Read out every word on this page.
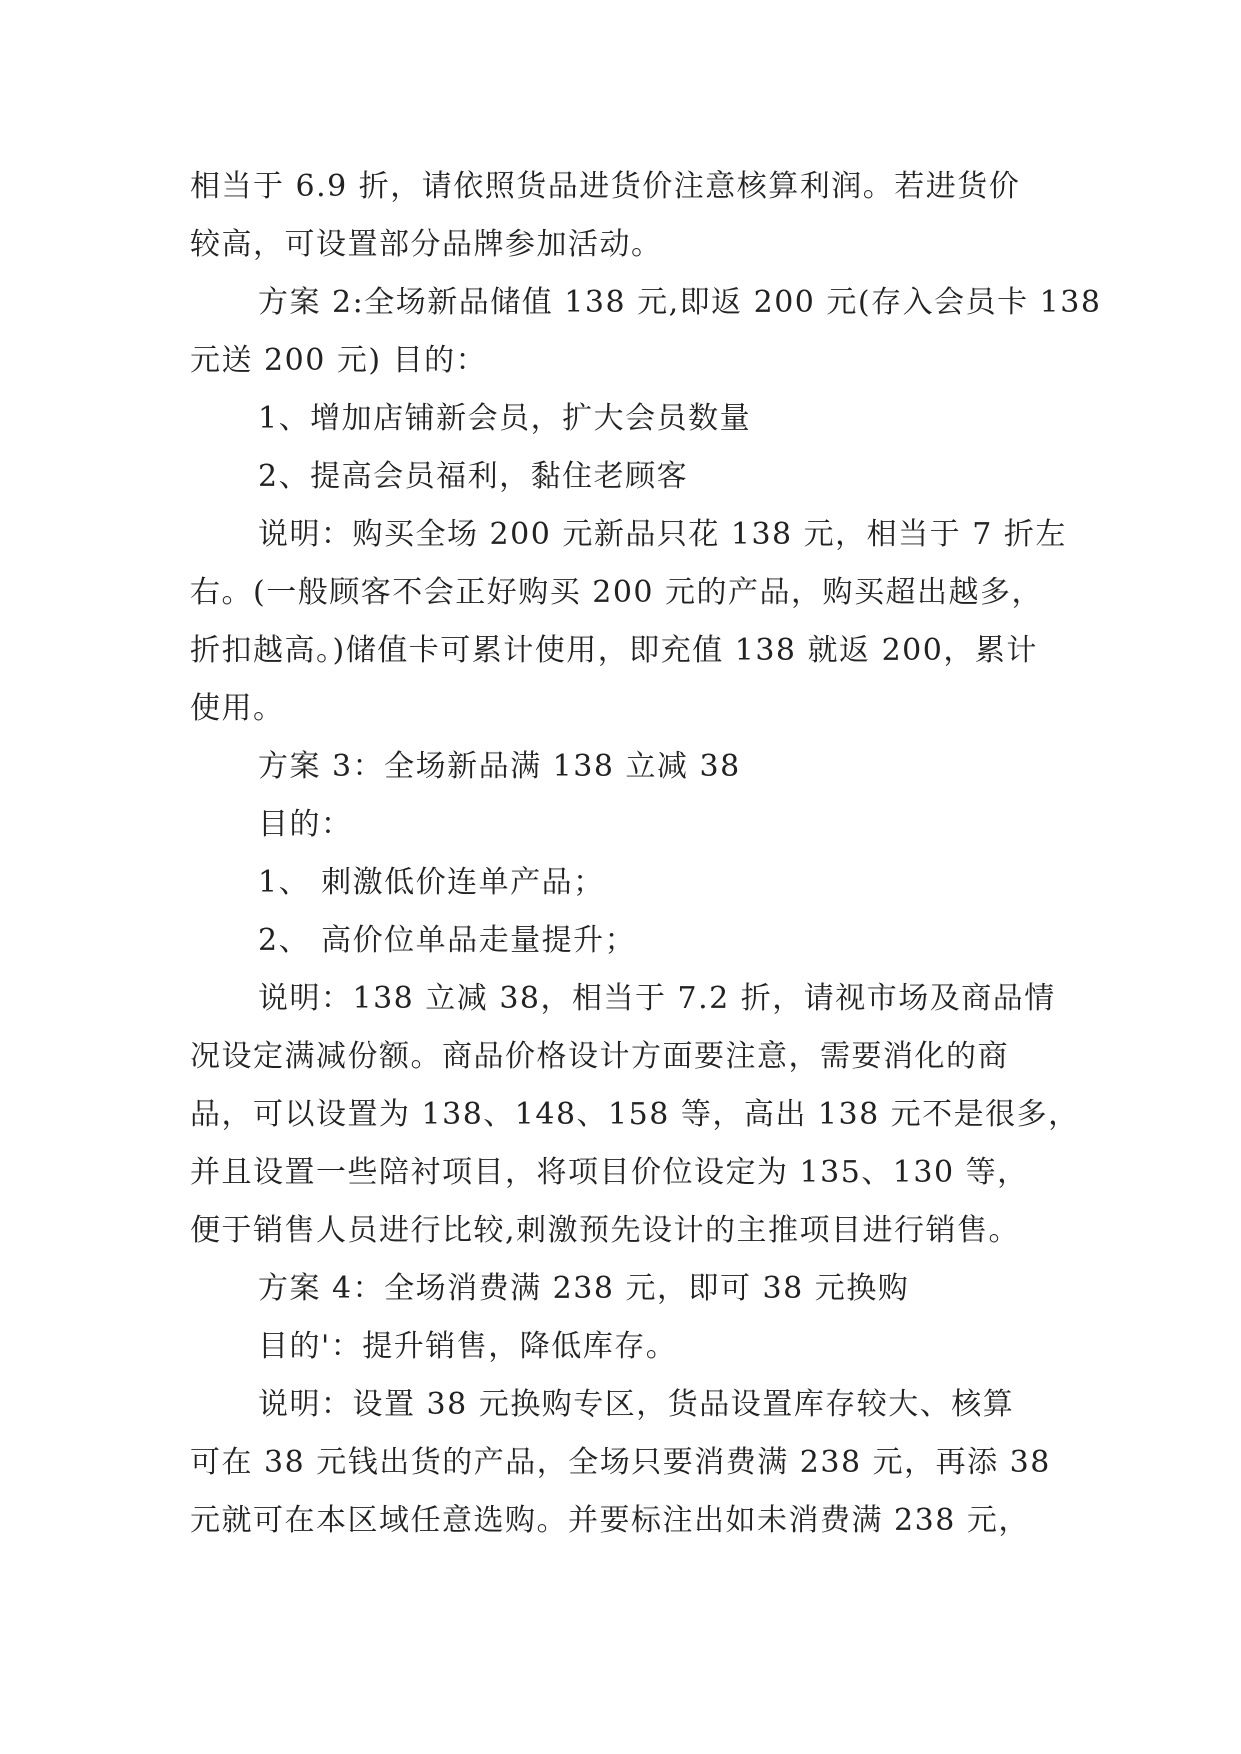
相当于 6.9 折，请依照货品进货价注意核算利润。若进货价
较高，可设置部分品牌参加活动。
方案 2:全场新品储值 138 元,即返 200 元(存入会员卡 138
元送 200 元) 目的：
1、增加店铺新会员，扩大会员数量
2、提高会员福利，黏住老顾客
说明：购买全场 200 元新品只花 138 元，相当于 7 折左
右。(一般顾客不会正好购买 200 元的产品，购买超出越多，
折扣越高。)储值卡可累计使用，即充值 138 就返 200，累计
使用。
方案 3：全场新品满 138 立减 38
目的：
1、 刺激低价连单产品；
2、 高价位单品走量提升；
说明：138 立减 38，相当于 7.2 折，请视市场及商品情
况设定满减份额。商品价格设计方面要注意，需要消化的商
品，可以设置为 138、148、158 等，高出 138 元不是很多，
并且设置一些陪衬项目，将项目价位设定为 135、130 等，
便于销售人员进行比较,刺激预先设计的主推项目进行销售。
方案 4：全场消费满 238 元，即可 38 元换购
目的'：提升销售，降低库存。
说明：设置 38 元换购专区，货品设置库存较大、核算
可在 38 元钱出货的产品，全场只要消费满 238 元，再添 38
元就可在本区域任意选购。并要标注出如未消费满 238 元，
